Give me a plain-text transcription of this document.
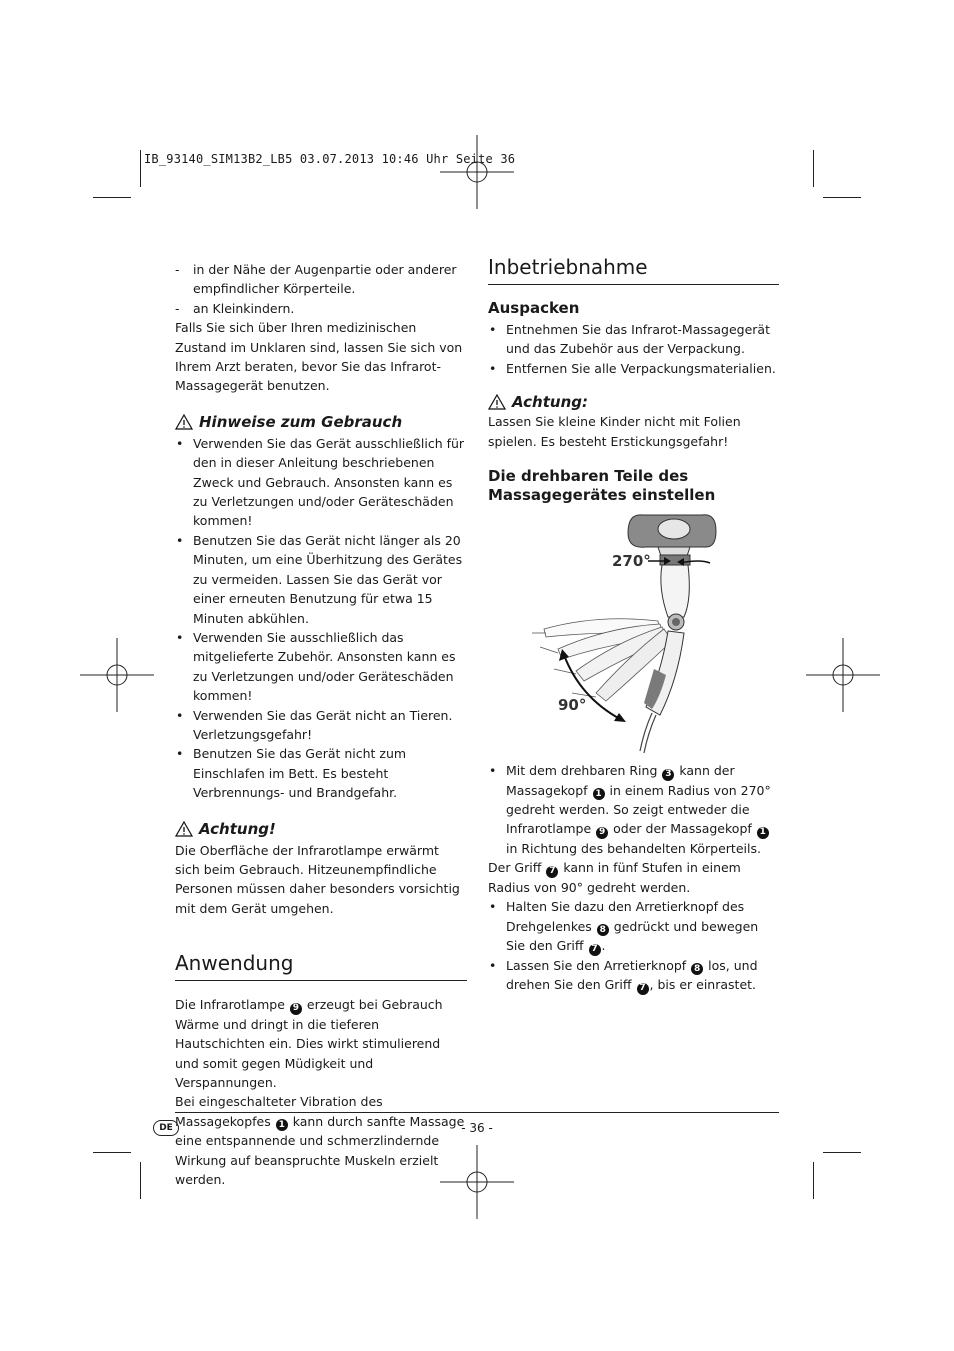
IB_93140_SIM13B2_LB5 03.07.2013 10:46 Uhr Seite 36
- in der Nähe der Augenpartie oder anderer empfindlicher Körperteile.
- an Kleinkindern.

Falls Sie sich über Ihren medizinischen Zustand im Unklaren sind, lassen Sie sich von Ihrem Arzt beraten, bevor Sie das Infrarot-Massagegerät benutzen.

Hinweise zum Gebrauch
• Verwenden Sie das Gerät ausschließlich für den in dieser Anleitung beschriebenen Zweck und Gebrauch. Ansonsten kann es zu Verletzungen und/oder Geräteschäden kommen!
• Benutzen Sie das Gerät nicht länger als 20 Minuten, um eine Überhitzung des Gerätes zu vermeiden. Lassen Sie das Gerät vor einer erneuten Benutzung für etwa 15 Minuten abkühlen.
• Verwenden Sie ausschließlich das mitgelieferte Zubehör. Ansonsten kann es zu Verletzungen und/oder Geräteschäden kommen!
• Verwenden Sie das Gerät nicht an Tieren. Verletzungsgefahr!
• Benutzen Sie das Gerät nicht zum Einschlafen im Bett. Es besteht Verbrennungs- und Brandgefahr.
Achtung!

Die Oberfläche der Infrarotlampe erwärmt sich beim Gebrauch. Hitzeunempfindliche Personen müssen daher besonders vorsichtig mit dem Gerät umgehen.

Anwendung

Die Infrarotlampe 9 erzeugt bei Gebrauch Wärme und dringt in die tieferen Hautschichten ein. Dies wirkt stimulierend und somit gegen Müdigkeit und Verspannungen.

Bei eingeschalteter Vibration des Massagekopfes 1 kann durch sanfte Massage eine entspannende und schmerzlindernde Wirkung auf beanspruchte Muskeln erzielt werden.

Inbetriebnahme
Auspacken
• Entnehmen Sie das Infrarot-Massagegerät und das Zubehör aus der Verpackung.
• Entfernen Sie alle Verpackungsmaterialien.
Achtung:

Lassen Sie kleine Kinder nicht mit Folien spielen. Es besteht Erstickungsgefahr!

Die drehbaren Teile des Massagegerätes einstellen
270°
90°
• Mit dem drehbaren Ring 3 kann der Massagekopf 1 in einem Radius von 270° gedreht werden. So zeigt entweder die Infrarotlampe 9 oder der Massagekopf 1 in Richtung des behandelten Körperteils.

Der Griff 7 kann in fünf Stufen in einem Radius von 90° gedreht werden.

• Halten Sie dazu den Arretierknopf des Drehgelenkes 8 gedrückt und bewegen Sie den Griff 7 .
• Lassen Sie den Arretierknopf 8 los, und drehen Sie den Griff 7 , bis er einrastet.
DE	- 36 -
